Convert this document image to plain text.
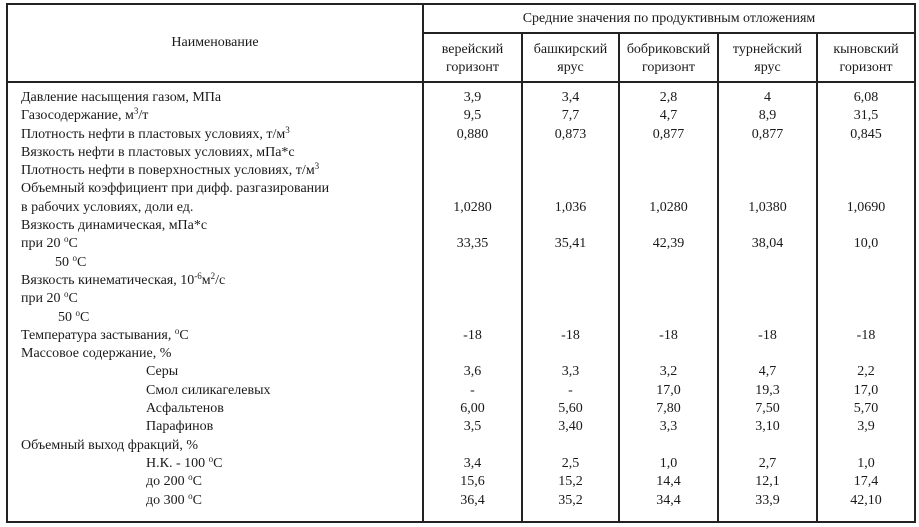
Наименование
Средние значения по продуктивным отложениям
верейский
горизонт
башкирский
ярус
бобриковский
горизонт
турнейский
ярус
кыновский
горизонт
Давление насыщения газом, МПа
Газосодержание, $м^3/т$
Плотность нефти в пластовых условиях, $т/м^3$
Вязкость нефти в пластовых условиях, мПа*с
Плотность нефти в поверхностных условиях, $т/м^3$
Объемный коэффициент при дифф. разгазировании
в рабочих условиях, доли ед.
Вязкость динамическая, мПа*с
при 20 $^о$С
50 $^о$С
Вязкость кинематическая, $10^{-6}м^2/с$
при 20 $^о$С
50 $^о$С
Температура застывания, $^о$С
Массовое содержание, %
Серы
Смол силикагелевых
Асфальтенов
Парафинов
Объемный выход фракций, %
Н.К. - 100 $^о$С
до 200 $^о$С
до 300 $^о$С
3,9
9,5
0,880
1,0280
33,35
-18
3,6
-
6,00
3,5
3,4
15,6
36,4
3,4
7,7
0,873
1,036
35,41
-18
3,3
-
5,60
3,40
2,5
15,2
35,2
2,8
4,7
0,877
1,0280
42,39
-18
3,2
17,0
7,80
3,3
1,0
14,4
34,4
4
8,9
0,877
1,0380
38,04
-18
4,7
19,3
7,50
3,10
2,7
12,1
33,9
6,08
31,5
0,845
1,0690
10,0
-18
2,2
17,0
5,70
3,9
1,0
17,4
42,10
